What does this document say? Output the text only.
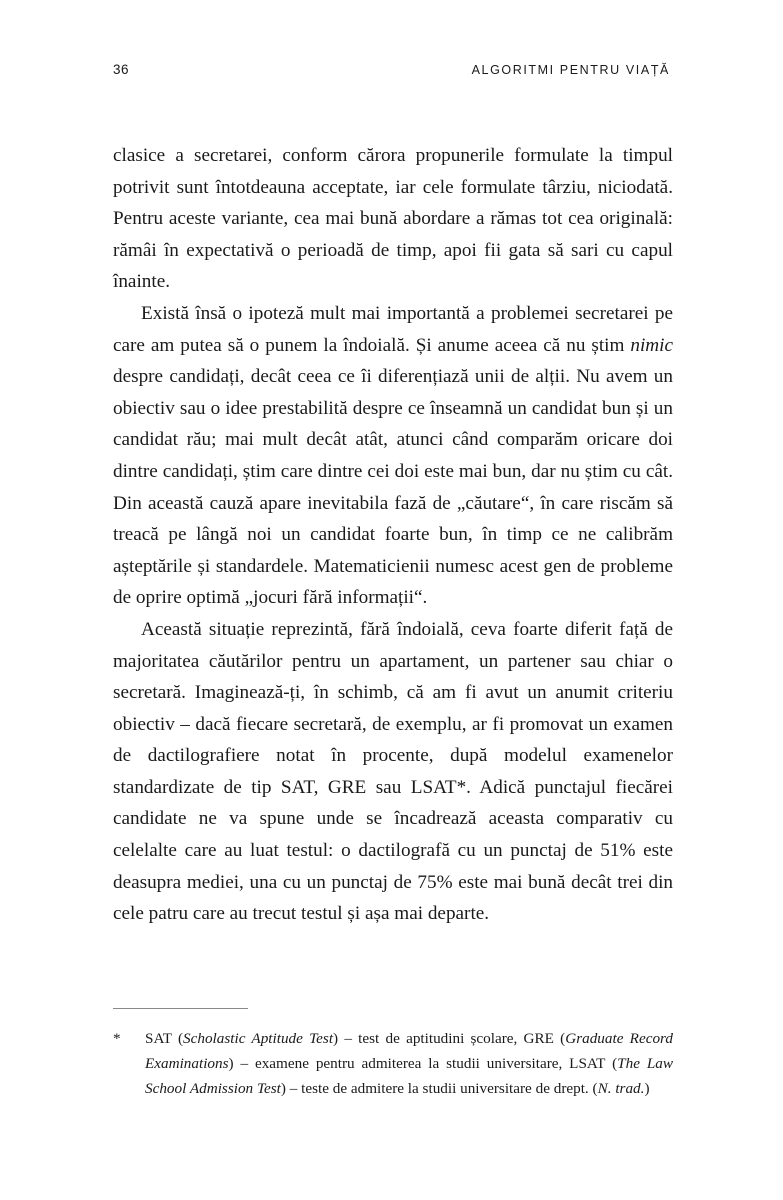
36	ALGORITMI PENTRU VIAȚĂ

clasice a secretarei, conform cărora propunerile formulate la timpul potrivit sunt întotdeauna acceptate, iar cele formulate târziu, niciodată. Pentru aceste variante, cea mai bună abordare a rămas tot cea originală: rămâi în expectativă o perioadă de timp, apoi fii gata să sari cu capul înainte.

Există însă o ipoteză mult mai importantă a problemei secretarei pe care am putea să o punem la îndoială. Și anume aceea că nu știm nimic despre candidați, decât ceea ce îi diferențiază unii de alții. Nu avem un obiectiv sau o idee prestabilită despre ce înseamnă un candidat bun și un candidat rău; mai mult decât atât, atunci când comparăm oricare doi dintre candidați, știm care dintre cei doi este mai bun, dar nu știm cu cât. Din această cauză apare inevitabila fază de „căutare“, în care riscăm să treacă pe lângă noi un candidat foarte bun, în timp ce ne calibrăm așteptările și standardele. Matematicienii numesc acest gen de probleme de oprire optimă „jocuri fără informații“.

Această situație reprezintă, fără îndoială, ceva foarte diferit față de majoritatea căutărilor pentru un apartament, un partener sau chiar o secretară. Imaginează-ți, în schimb, că am fi avut un anumit criteriu obiectiv – dacă fiecare secretară, de exemplu, ar fi promovat un examen de dactilografiere notat în procente, după modelul examenelor standardizate de tip SAT, GRE sau LSAT*. Adică punctajul fiecărei candidate ne va spune unde se încadrează aceasta comparativ cu celelalte care au luat testul: o dactilografă cu un punctaj de 51% este deasupra mediei, una cu un punctaj de 75% este mai bună decât trei din cele patru care au trecut testul și așa mai departe.

*	SAT (Scholastic Aptitude Test) – test de aptitudini școlare, GRE (Graduate Record Examinations) – examene pentru admiterea la studii universitare, LSAT (The Law School Admission Test) – teste de admitere la studii universitare de drept. (N. trad.)
